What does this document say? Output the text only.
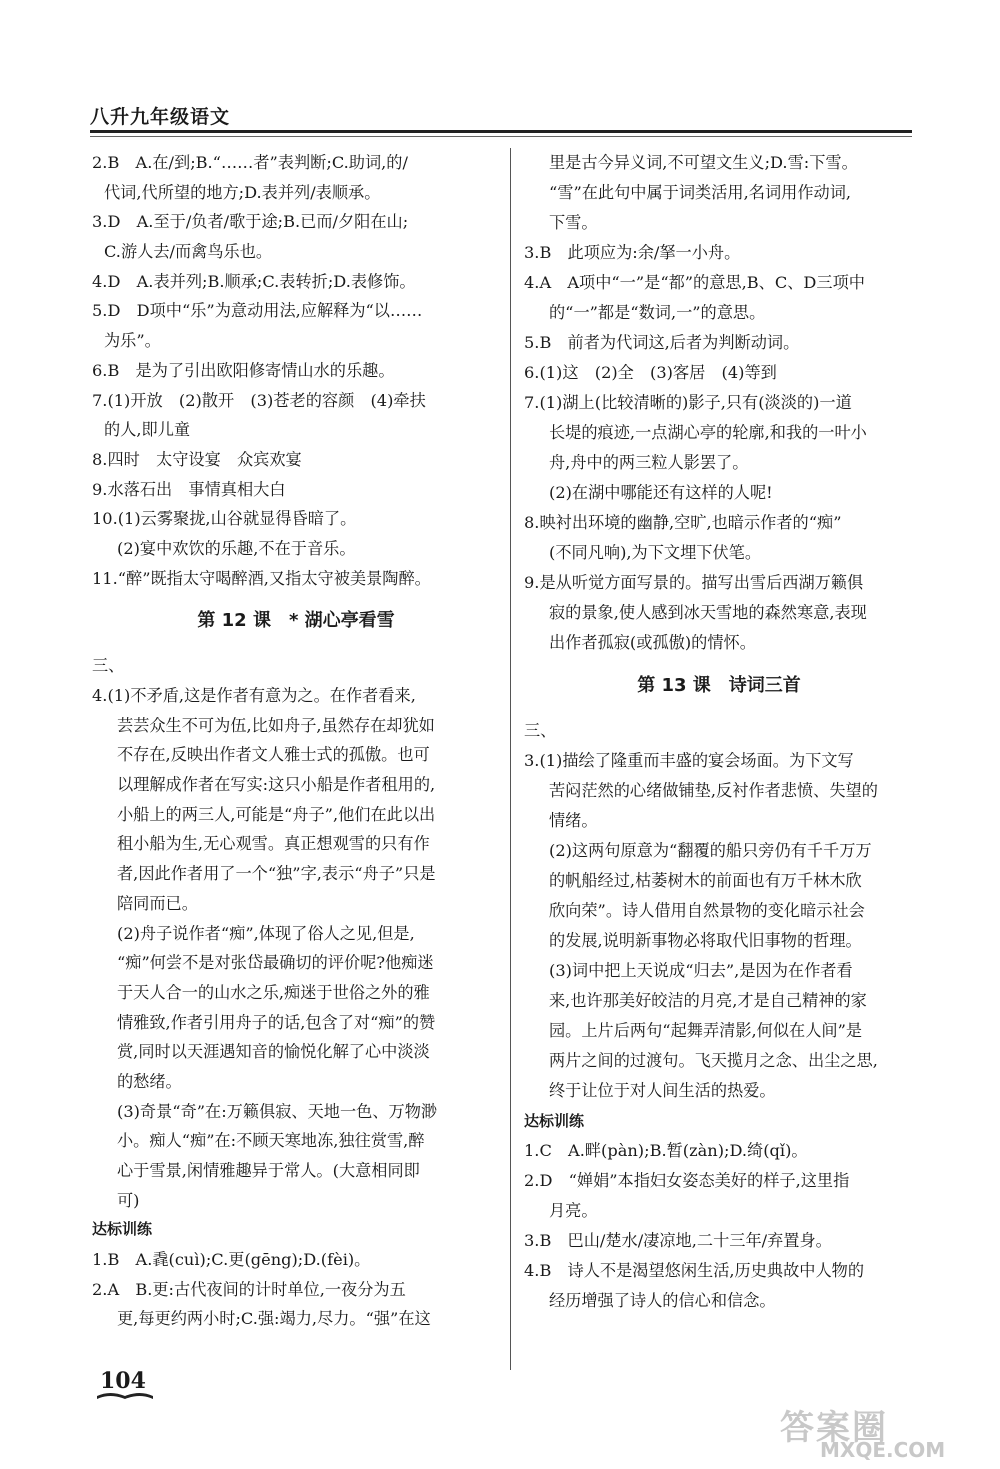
八升九年级语文
2.B　A.在/到;B.“……者”表判断;C.助词,的/
代词,代所望的地方;D.表并列/表顺承。
3.D　A.至于/负者/歌于途;B.已而/夕阳在山;
C.游人去/而禽鸟乐也。
4.D　A.表并列;B.顺承;C.表转折;D.表修饰。
5.D　D项中“乐”为意动用法,应解释为“以……
为乐”。
6.B　是为了引出欧阳修寄情山水的乐趣。
7.(1)开放　(2)散开　(3)苍老的容颜　(4)牵扶
的人,即儿童
8.四时　太守设宴　众宾欢宴
9.水落石出　事情真相大白
10.(1)云雾聚拢,山谷就显得昏暗了。
(2)宴中欢饮的乐趣,不在于音乐。
11.“醉”既指太守喝醉酒,又指太守被美景陶醉。
第 12 课　* 湖心亭看雪
三、
4.(1)不矛盾,这是作者有意为之。在作者看来,
芸芸众生不可为伍,比如舟子,虽然存在却犹如
不存在,反映出作者文人雅士式的孤傲。也可
以理解成作者在写实:这只小船是作者租用的,
小船上的两三人,可能是“舟子”,他们在此以出
租小船为生,无心观雪。真正想观雪的只有作
者,因此作者用了一个“独”字,表示“舟子”只是
陪同而已。
(2)舟子说作者“痴”,体现了俗人之见,但是,
“痴”何尝不是对张岱最确切的评价呢?他痴迷
于天人合一的山水之乐,痴迷于世俗之外的雅
情雅致,作者引用舟子的话,包含了对“痴”的赞
赏,同时以天涯遇知音的愉悦化解了心中淡淡
的愁绪。
(3)奇景“奇”在:万籁俱寂、天地一色、万物渺
小。痴人“痴”在:不顾天寒地冻,独往赏雪,醉
心于雪景,闲情雅趣异于常人。(大意相同即
可)
达标训练
1.B　A.毳(cuì);C.更(gēng);D.(fèi)。
2.A　B.更:古代夜间的计时单位,一夜分为五
更,每更约两小时;C.强:竭力,尽力。“强”在这
里是古今异义词,不可望文生义;D.雪:下雪。
“雪”在此句中属于词类活用,名词用作动词,
下雪。
3.B　此项应为:余/拏一小舟。
4.A　A项中“一”是“都”的意思,B、C、D三项中
的“一”都是“数词,一”的意思。
5.B　前者为代词这,后者为判断动词。
6.(1)这　(2)全　(3)客居　(4)等到
7.(1)湖上(比较清晰的)影子,只有(淡淡的)一道
长堤的痕迹,一点湖心亭的轮廓,和我的一叶小
舟,舟中的两三粒人影罢了。
(2)在湖中哪能还有这样的人呢!
8.映衬出环境的幽静,空旷,也暗示作者的“痴”
(不同凡响),为下文埋下伏笔。
9.是从听觉方面写景的。描写出雪后西湖万籁俱
寂的景象,使人感到冰天雪地的森然寒意,表现
出作者孤寂(或孤傲)的情怀。
第 13 课　诗词三首
三、
3.(1)描绘了隆重而丰盛的宴会场面。为下文写
苦闷茫然的心绪做铺垫,反衬作者悲愤、失望的
情绪。
(2)这两句原意为“翻覆的船只旁仍有千千万万
的帆船经过,枯萎树木的前面也有万千林木欣
欣向荣”。诗人借用自然景物的变化暗示社会
的发展,说明新事物必将取代旧事物的哲理。
(3)词中把上天说成“归去”,是因为在作者看
来,也许那美好皎洁的月亮,才是自己精神的家
园。上片后两句“起舞弄清影,何似在人间”是
两片之间的过渡句。飞天揽月之念、出尘之思,
终于让位于对人间生活的热爱。
达标训练
1.C　A.畔(pàn);B.暂(zàn);D.绮(qǐ)。
2.D　“婵娟”本指妇女姿态美好的样子,这里指
月亮。
3.B　巴山/楚水/凄凉地,二十三年/弃置身。
4.B　诗人不是渴望悠闲生活,历史典故中人物的
经历增强了诗人的信心和信念。
104
答案圈
MXQE.COM
